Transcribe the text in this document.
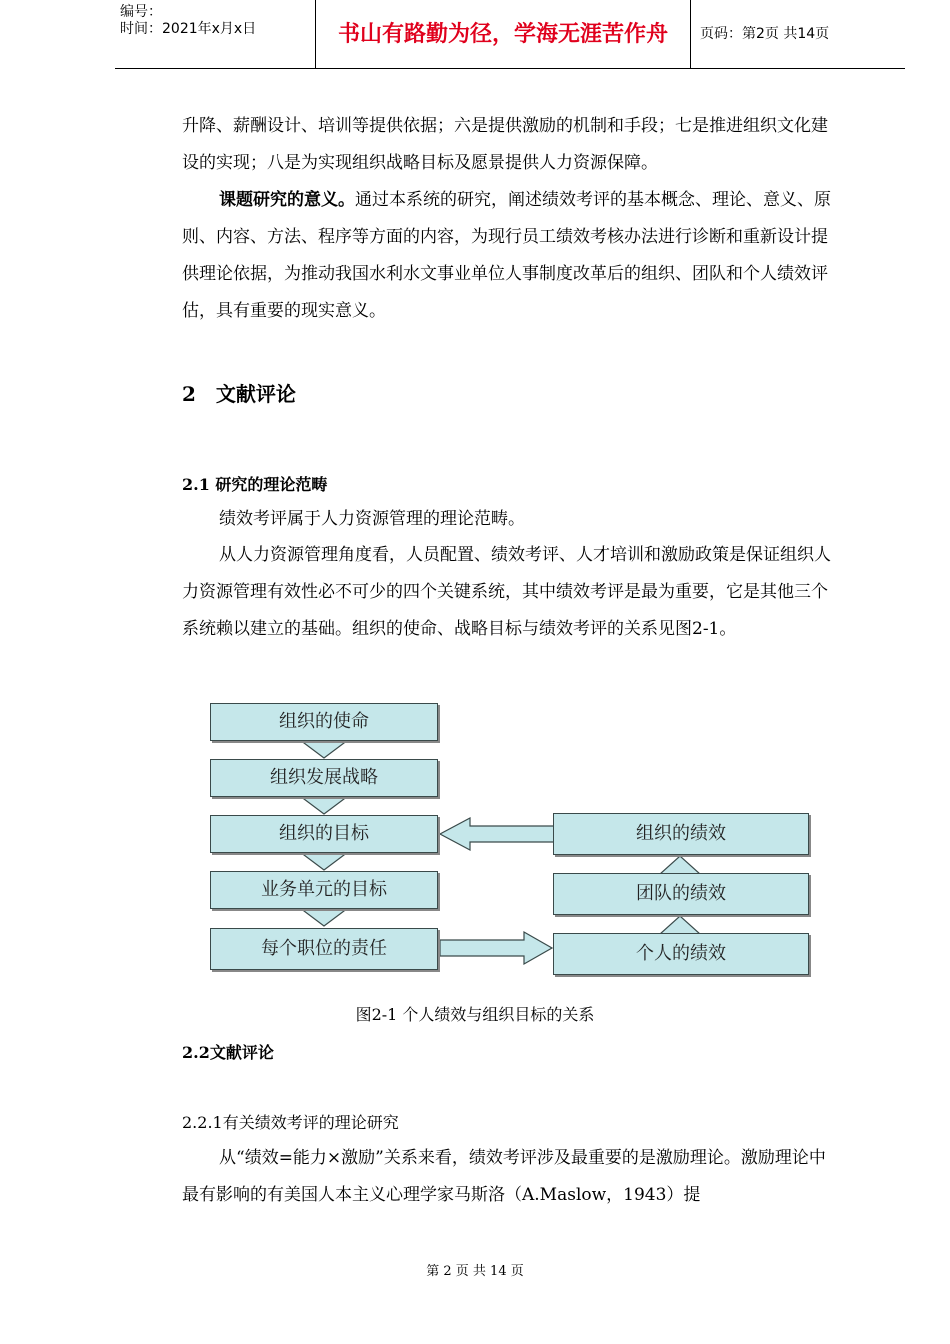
编号：
时间：2021年x月x日	书山有路勤为径，学海无涯苦作舟	页码：第2页 共14页
升降、薪酬设计、培训等提供依据；六是提供激励的机制和手段；七是推进组织文化建设的实现；八是为实现组织战略目标及愿景提供人力资源保障。
课题研究的意义。通过本系统的研究，阐述绩效考评的基本概念、理论、意义、原则、内容、方法、程序等方面的内容，为现行员工绩效考核办法进行诊断和重新设计提供理论依据，为推动我国水利水文事业单位人事制度改革后的组织、团队和个人绩效评估，具有重要的现实意义。
2 文献评论
2.1 研究的理论范畴
绩效考评属于人力资源管理的理论范畴。
从人力资源管理角度看，人员配置、绩效考评、人才培训和激励政策是保证组织人力资源管理有效性必不可少的四个关键系统，其中绩效考评是最为重要，它是其他三个系统赖以建立的基础。组织的使命、战略目标与绩效考评的关系见图2-1。
组织的使命
组织发展战略
组织的目标
业务单元的目标
每个职位的责任
组织的绩效
团队的绩效
个人的绩效
图2-1 个人绩效与组织目标的关系
2.2文献评论
2.2.1有关绩效考评的理论研究
从“绩效=能力×激励”关系来看，绩效考评涉及最重要的是激励理论。激励理论中最有影响的有美国人本主义心理学家马斯洛（A.Maslow，1943）提
第 2 页 共 14 页
